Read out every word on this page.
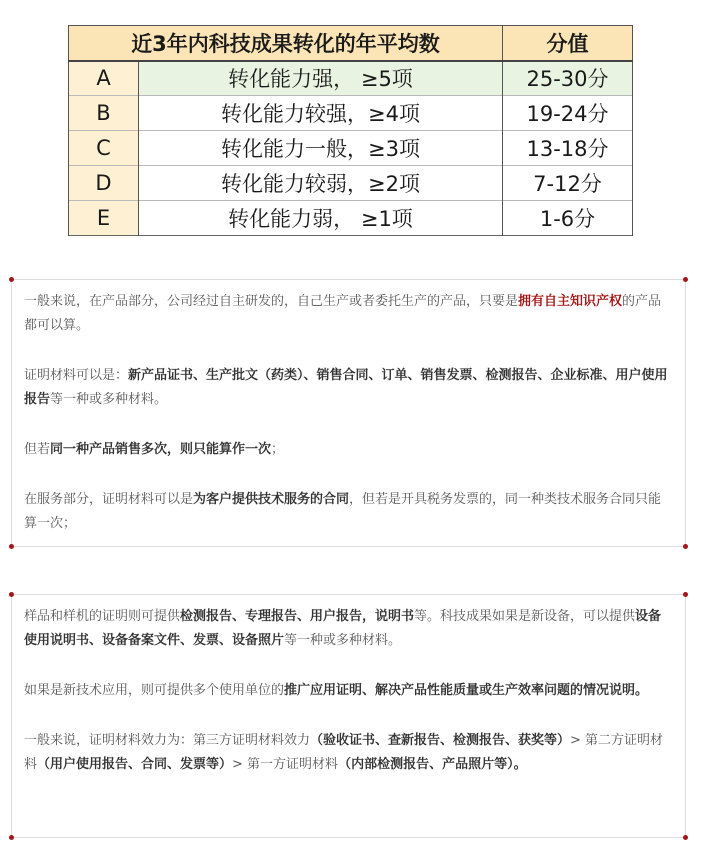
近3年内科技成果转化的年平均数		分值
A	转化能力强， ≥5项	25-30分
B	转化能力较强，≥4项	19-24分
C	转化能力一般，≥3项	13-18分
D	转化能力较弱，≥2项	7-12分
E	转化能力弱， ≥1项	1-6分

一般来说，在产品部分，公司经过自主研发的，自己生产或者委托生产的产品，只要是拥有自主知识产权的产品都可以算。

证明材料可以是：新产品证书、生产批文（药类）、销售合同、订单、销售发票、检测报告、企业标准、用户使用报告等一种或多种材料。

但若同一种产品销售多次，则只能算作一次；

在服务部分，证明材料可以是为客户提供技术服务的合同，但若是开具税务发票的，同一种类技术服务合同只能算一次；

样品和样机的证明则可提供检测报告、专理报告、用户报告，说明书等。科技成果如果是新设备，可以提供设备使用说明书、设备备案文件、发票、设备照片等一种或多种材料。

如果是新技术应用，则可提供多个使用单位的推广应用证明、解决产品性能质量或生产效率问题的情况说明。

一般来说，证明材料效力为：第三方证明材料效力（验收证书、查新报告、检测报告、获奖等）> 第二方证明材料（用户使用报告、合同、发票等）> 第一方证明材料（内部检测报告、产品照片等）。
